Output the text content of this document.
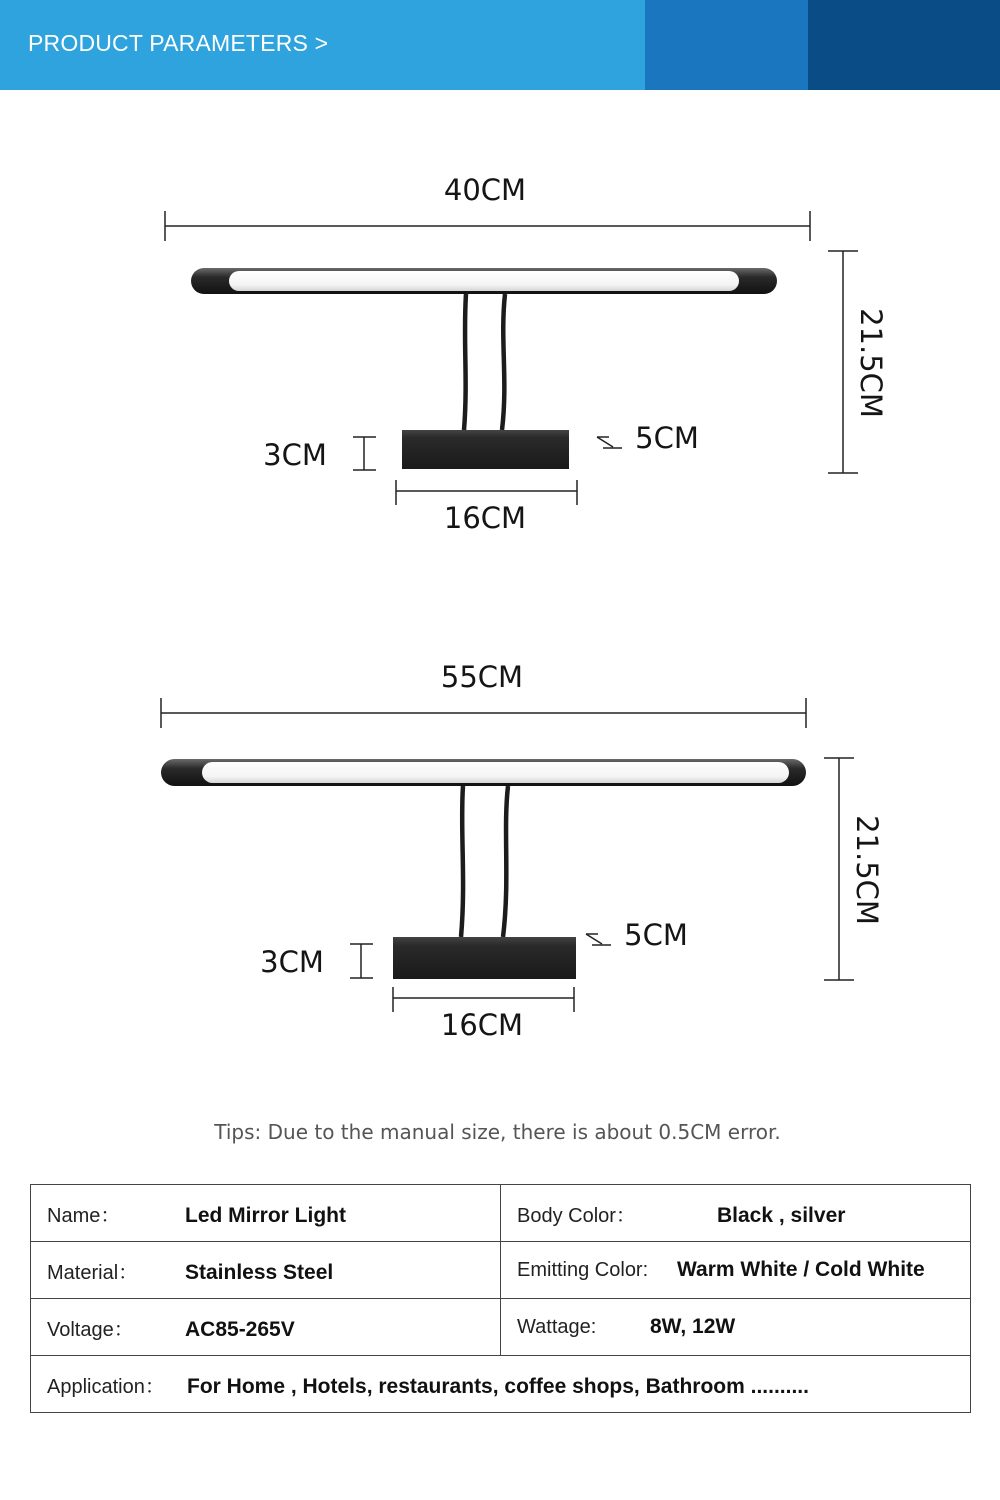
PRODUCT PARAMETERS >
40CM
3CM	5CM
16CM
21.5CM
55CM
3CM
5CM
16CM
21.5CM
Tips: Due to the manual size, there is about 0.5CM error.
Name： Led Mirror Light	Body Color： Black , silver
Material： Stainless Steel	Emitting Color: Warm White / Cold White
Voltage： AC85-265V	Wattage: 8W, 12W
Application： For Home , Hotels, restaurants, coffee shops, Bathroom ..........	
